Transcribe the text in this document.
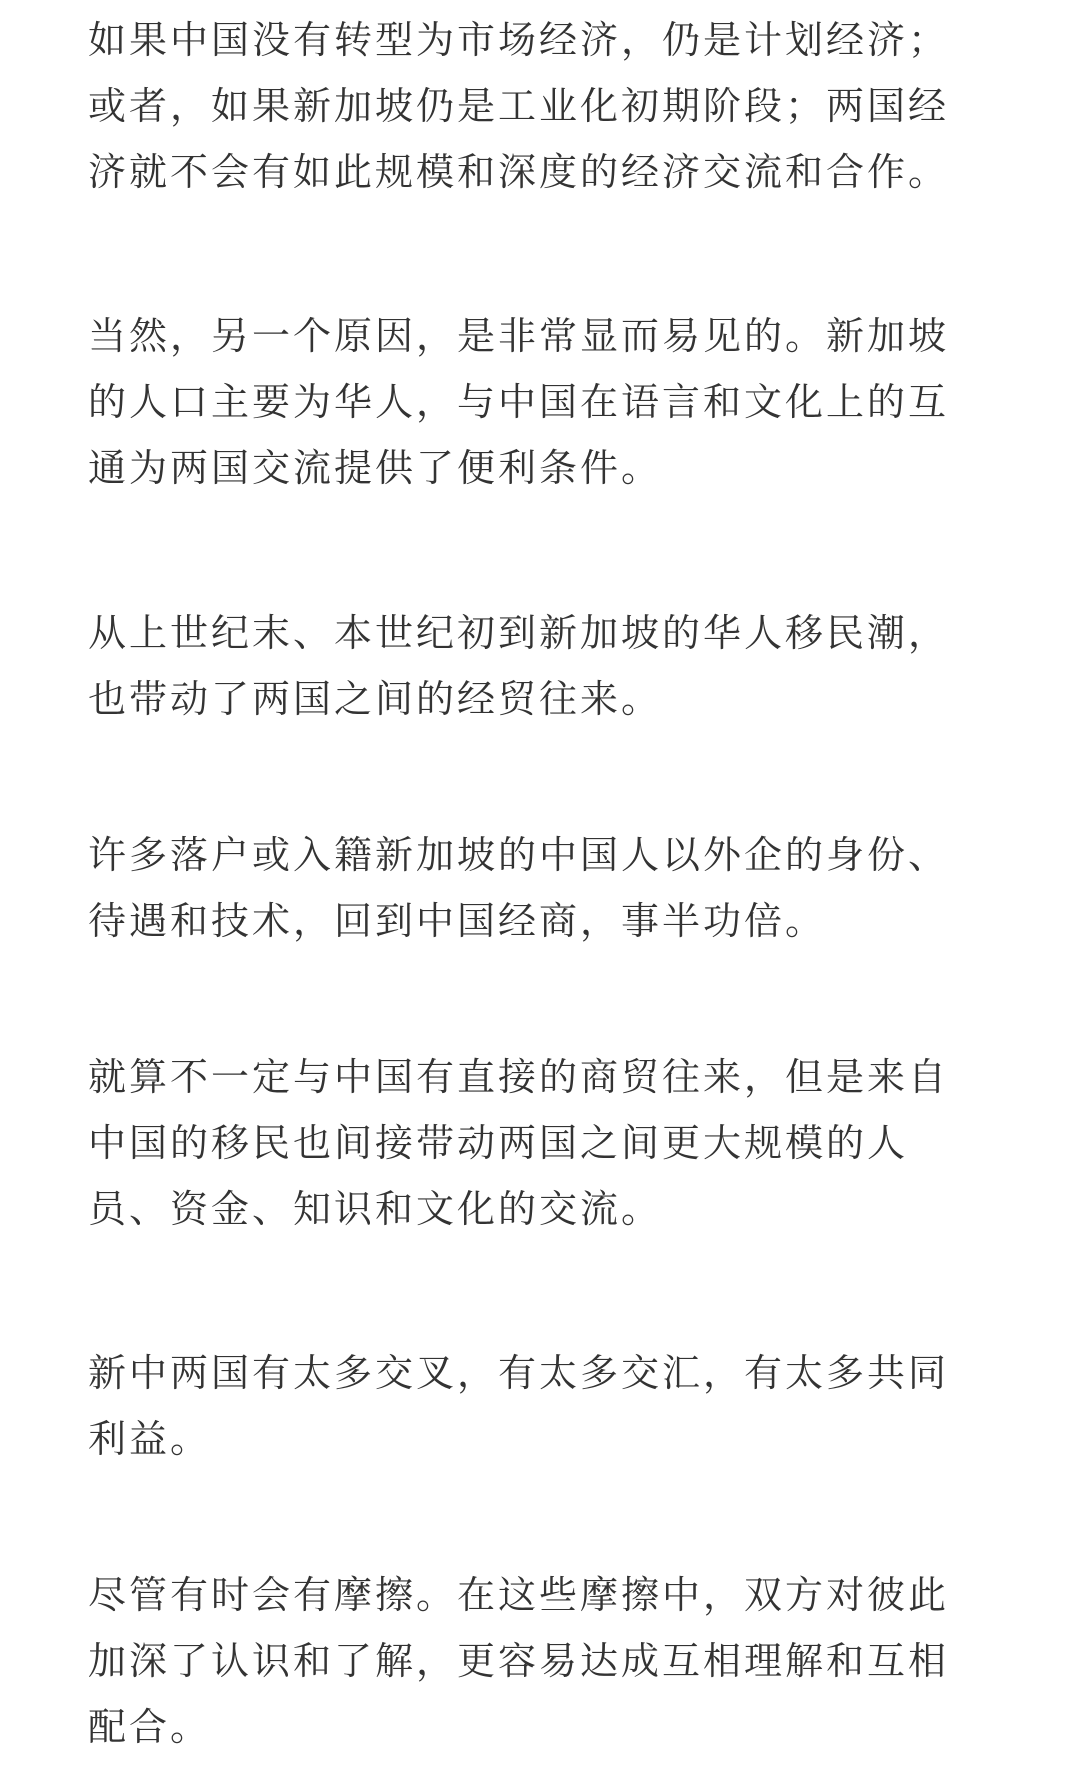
如果中国没有转型为市场经济，仍是计划经济；
或者，如果新加坡仍是工业化初期阶段；两国经
济就不会有如此规模和深度的经济交流和合作。

当然，另一个原因，是非常显而易见的。新加坡
的人口主要为华人，与中国在语言和文化上的互
通为两国交流提供了便利条件。

从上世纪末、本世纪初到新加坡的华人移民潮，
也带动了两国之间的经贸往来。

许多落户或入籍新加坡的中国人以外企的身份、
待遇和技术，回到中国经商，事半功倍。

就算不一定与中国有直接的商贸往来，但是来自
中国的移民也间接带动两国之间更大规模的人
员、资金、知识和文化的交流。

新中两国有太多交叉，有太多交汇，有太多共同
利益。

尽管有时会有摩擦。在这些摩擦中，双方对彼此
加深了认识和了解，更容易达成互相理解和互相
配合。
